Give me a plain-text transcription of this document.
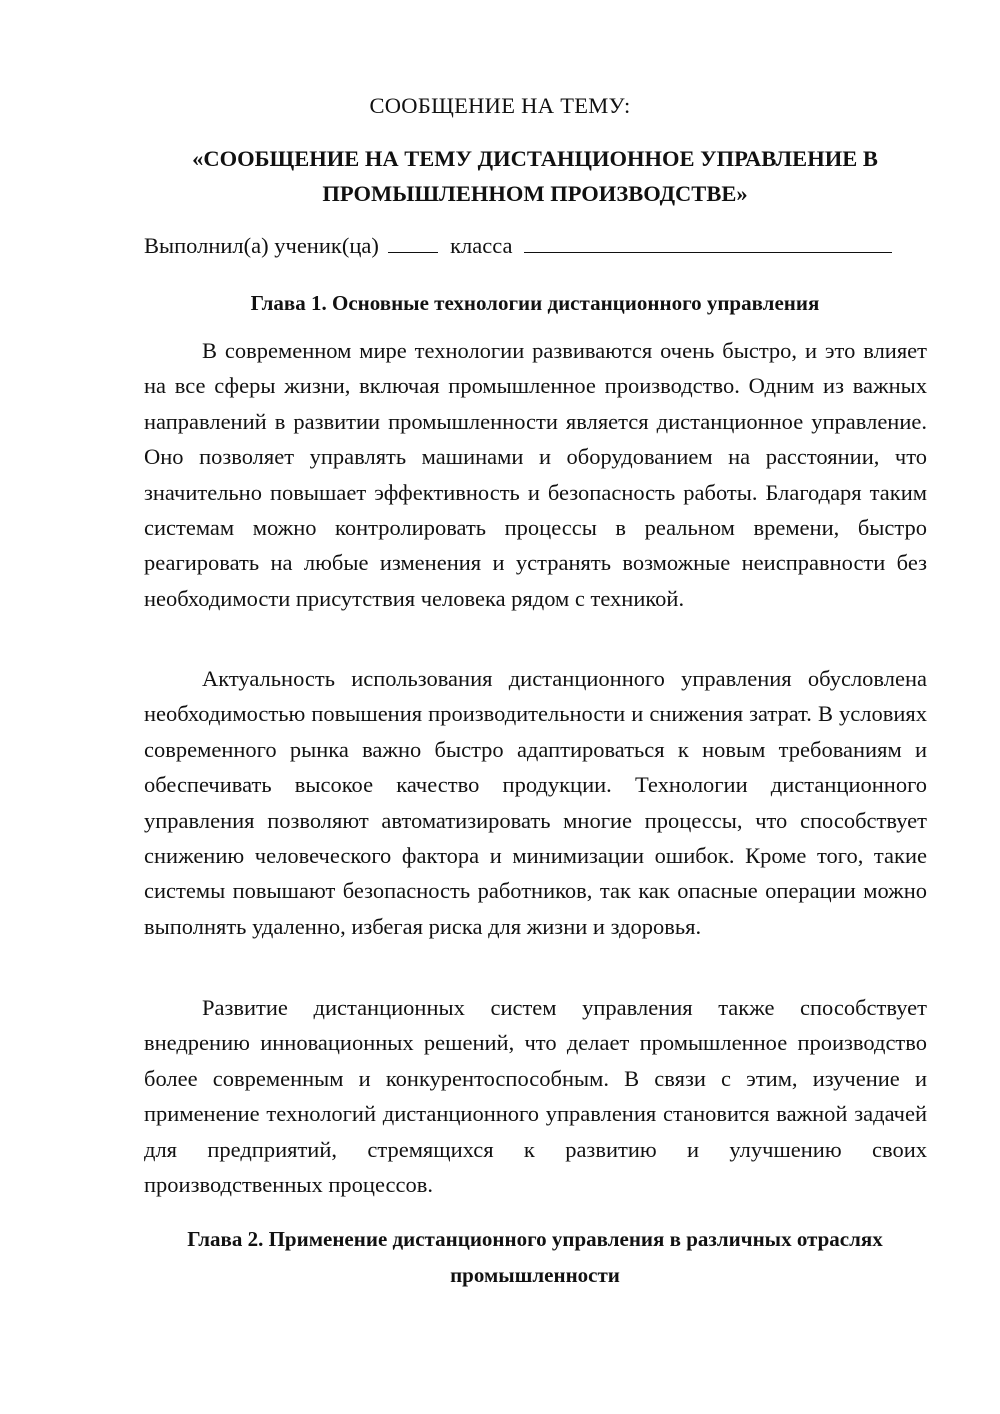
СООБЩЕНИЕ НА ТЕМУ:
«СООБЩЕНИЕ НА ТЕМУ ДИСТАНЦИОННОЕ УПРАВЛЕНИЕ В ПРОМЫШЛЕННОМ ПРОИЗВОДСТВЕ»
Выполнил(а) ученик(ца)	класса
Глава 1. Основные технологии дистанционного управления

В современном мире технологии развиваются очень быстро, и это влияет на все сферы жизни, включая промышленное производство. Одним из важных направлений в развитии промышленности является дистанционное управление. Оно позволяет управлять машинами и оборудованием на расстоянии, что значительно повышает эффективность и безопасность работы. Благодаря таким системам можно контролировать процессы в реальном времени, быстро реагировать на любые изменения и устранять возможные неисправности без необходимости присутствия человека рядом с техникой.

Актуальность использования дистанционного управления обусловлена необходимостью повышения производительности и снижения затрат. В условиях современного рынка важно быстро адаптироваться к новым требованиям и обеспечивать высокое качество продукции. Технологии дистанционного управления позволяют автоматизировать многие процессы, что способствует снижению человеческого фактора и минимизации ошибок. Кроме того, такие системы повышают безопасность работников, так как опасные операции можно выполнять удаленно, избегая риска для жизни и здоровья.

Развитие дистанционных систем управления также способствует внедрению инновационных решений, что делает промышленное производство более современным и конкурентоспособным. В связи с этим, изучение и применение технологий дистанционного управления становится важной задачей для предприятий, стремящихся к развитию и улучшению своих производственных процессов.

Глава 2. Применение дистанционного управления в различных отраслях промышленности
